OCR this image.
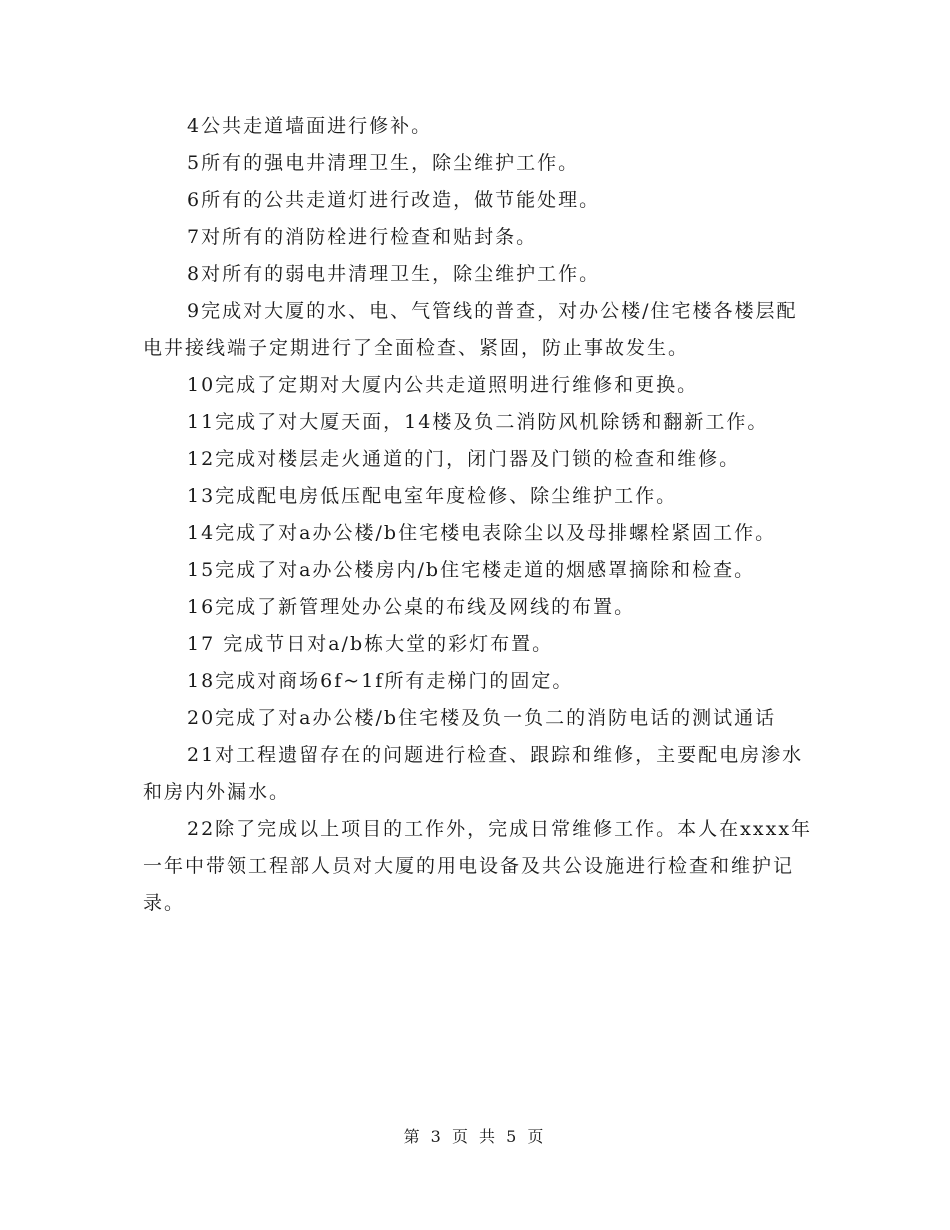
4公共走道墙面进行修补。

5所有的强电井清理卫生，除尘维护工作。

6所有的公共走道灯进行改造，做节能处理。

7对所有的消防栓进行检查和贴封条。

8对所有的弱电井清理卫生，除尘维护工作。

9完成对大厦的水、电、气管线的普查，对办公楼/住宅楼各楼层配电井接线端子定期进行了全面检查、紧固，防止事故发生。

10完成了定期对大厦内公共走道照明进行维修和更换。

11完成了对大厦天面，14楼及负二消防风机除锈和翻新工作。

12完成对楼层走火通道的门，闭门器及门锁的检查和维修。

13完成配电房低压配电室年度检修、除尘维护工作。

14完成了对a办公楼/b住宅楼电表除尘以及母排螺栓紧固工作。

15完成了对a办公楼房内/b住宅楼走道的烟感罩摘除和检查。

16完成了新管理处办公桌的布线及网线的布置。

17 完成节日对a/b栋大堂的彩灯布置。

18完成对商场6f~1f所有走梯门的固定。

20完成了对a办公楼/b住宅楼及负一负二的消防电话的测试通话

21对工程遗留存在的问题进行检查、跟踪和维修，主要配电房渗水和房内外漏水。

22除了完成以上项目的工作外，完成日常维修工作。本人在xxxx年一年中带领工程部人员对大厦的用电设备及共公设施进行检查和维护记录。

第 3 页 共 5 页
